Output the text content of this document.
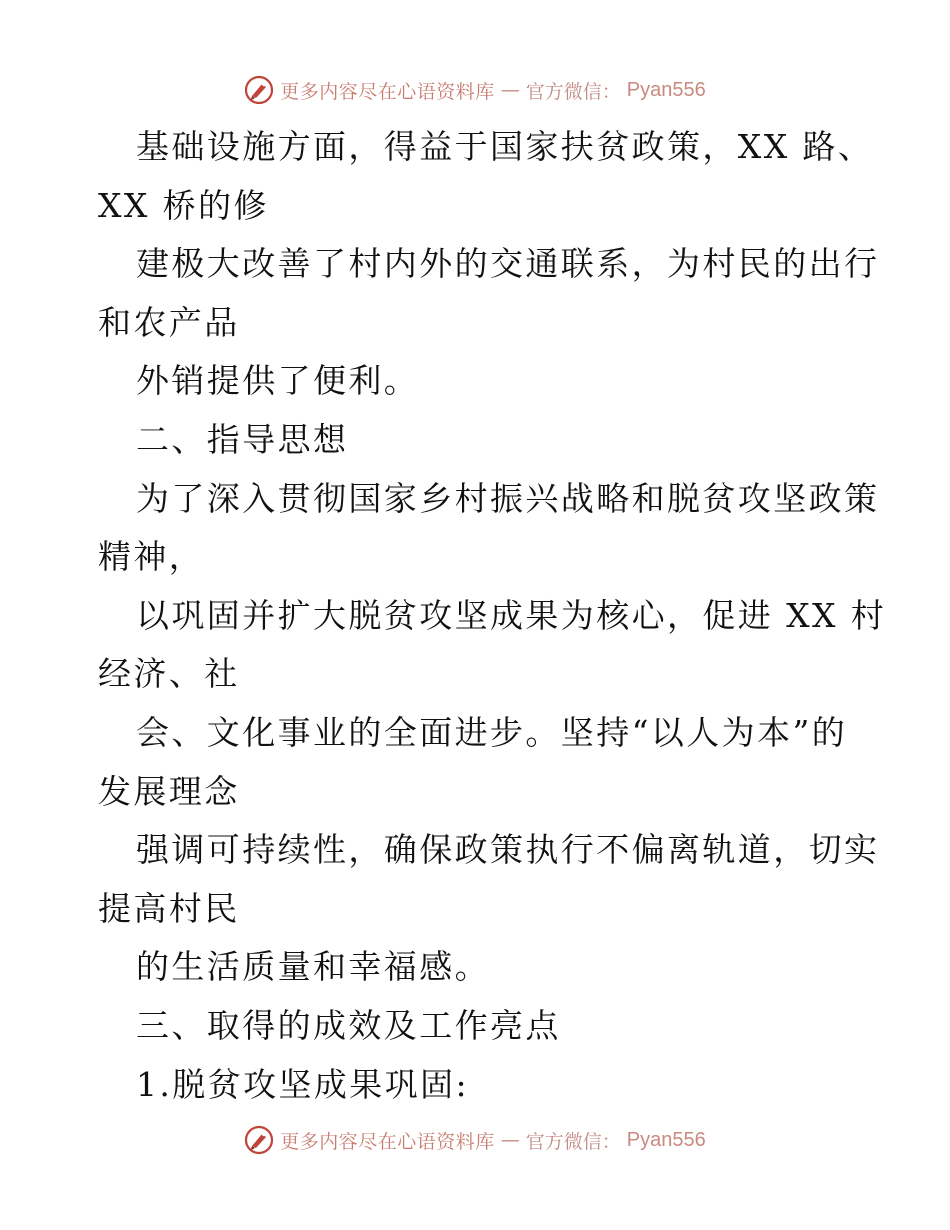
更多内容尽在心语资料库 — 官方微信： Pyan556
基础设施方面，得益于国家扶贫政策，XX 路、
XX 桥的修
建极大改善了村内外的交通联系，为村民的出行
和农产品
外销提供了便利。
二、指导思想
为了深入贯彻国家乡村振兴战略和脱贫攻坚政策
精神，
以巩固并扩大脱贫攻坚成果为核心，促进 XX 村
经济、社
会、文化事业的全面进步。坚持“以人为本”的
发展理念
强调可持续性，确保政策执行不偏离轨道，切实
提高村民
的生活质量和幸福感。
三、取得的成效及工作亮点
1.脱贫攻坚成果巩固:
更多内容尽在心语资料库 — 官方微信： Pyan556
